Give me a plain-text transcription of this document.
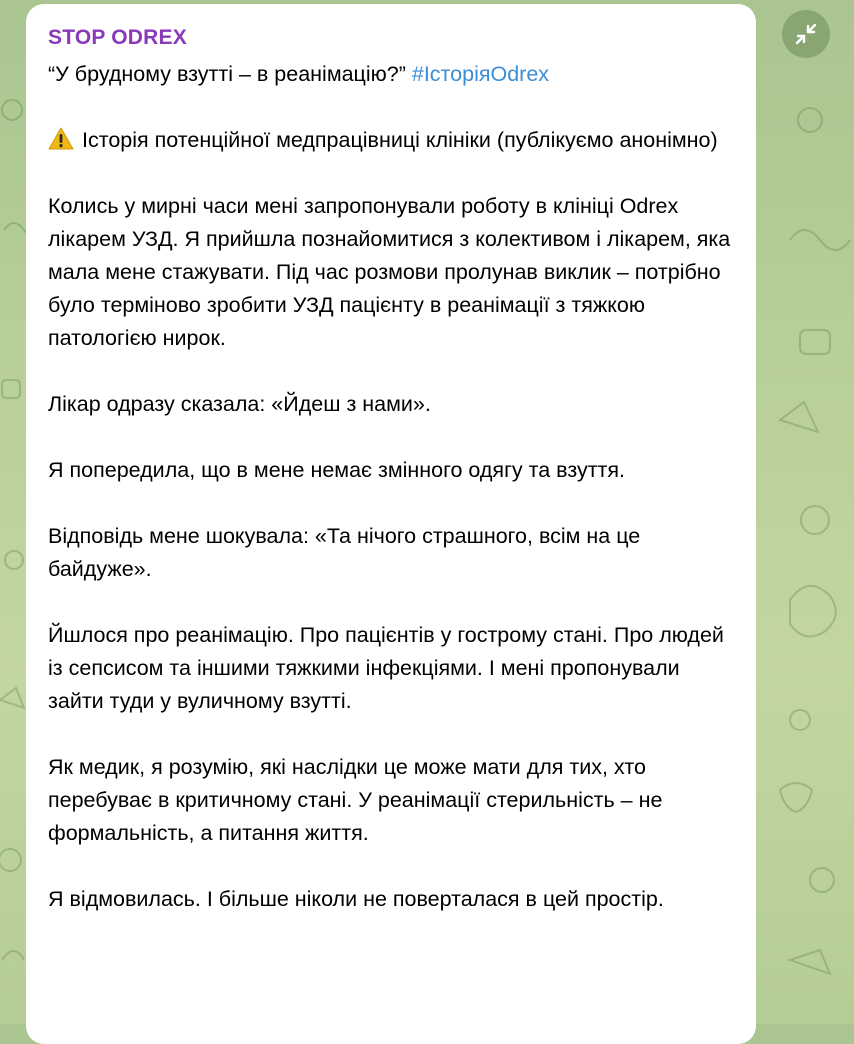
STOP ODREX

“У брудному взутті – в реанімацію?” #ІсторіяOdrex

Історія потенційної медпрацівниці клініки (публікуємо анонімно)

Колись у мирні часи мені запропонували роботу в клініці Odrex лікарем УЗД. Я прийшла познайомитися з колективом і лікарем, яка мала мене стажувати. Під час розмови пролунав виклик – потрібно було терміново зробити УЗД пацієнту в реанімації з тяжкою патологією нирок.

Лікар одразу сказала: «Йдеш з нами».

Я попередила, що в мене немає змінного одягу та взуття.

Відповідь мене шокувала: «Та нічого страшного, всім на це байдуже».

Йшлося про реанімацію. Про пацієнтів у гострому стані. Про людей із сепсисом та іншими тяжкими інфекціями. І мені пропонували зайти туди у вуличному взутті.

Як медик, я розумію, які наслідки це може мати для тих, хто перебуває в критичному стані. У реанімації стерильність – не формальність, а питання життя.

Я відмовилась. І більше ніколи не поверталася в цей простір.
